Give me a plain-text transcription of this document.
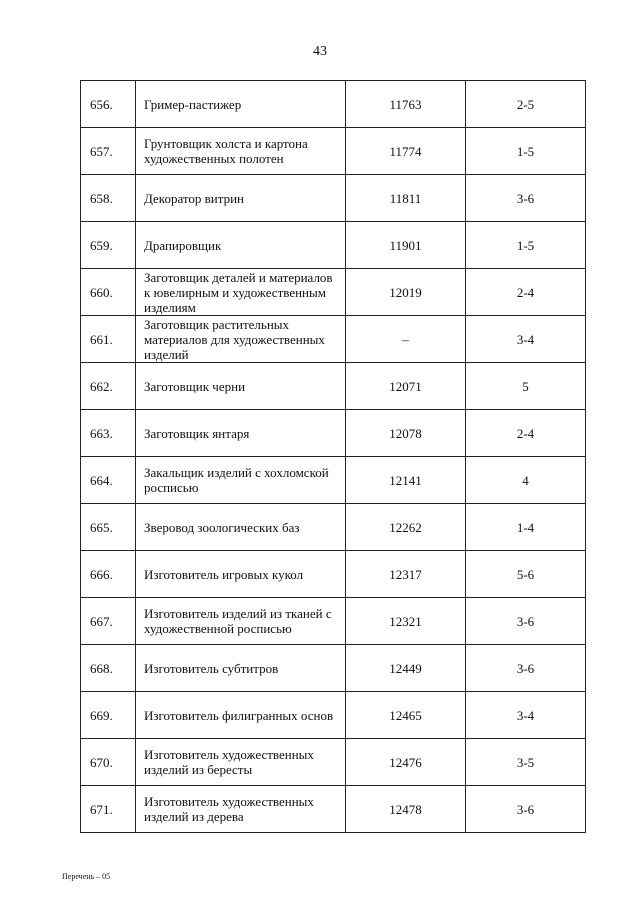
43
656.	Гример-пастижер	11763	2-5
657.	Грунтовщик холста и картона художественных полотен	11774	1-5
658.	Декоратор витрин	11811	3-6
659.	Драпировщик	11901	1-5
660.	Заготовщик деталей и материалов к ювелирным и художественным изделиям	12019	2-4
661.	Заготовщик растительных материалов для художественных изделий	–	3-4
662.	Заготовщик черни	12071	5
663.	Заготовщик янтаря	12078	2-4
664.	Закальщик изделий с хохломской росписью	12141	4
665.	Зверовод зоологических баз	12262	1-4
666.	Изготовитель игровых кукол	12317	5-6
667.	Изготовитель изделий из тканей с художественной росписью	12321	3-6
668.	Изготовитель субтитров	12449	3-6
669.	Изготовитель филигранных основ	12465	3-4
670.	Изготовитель художественных изделий из бересты	12476	3-5
671.	Изготовитель художественных изделий из дерева	12478	3-6
Перечень – 05
